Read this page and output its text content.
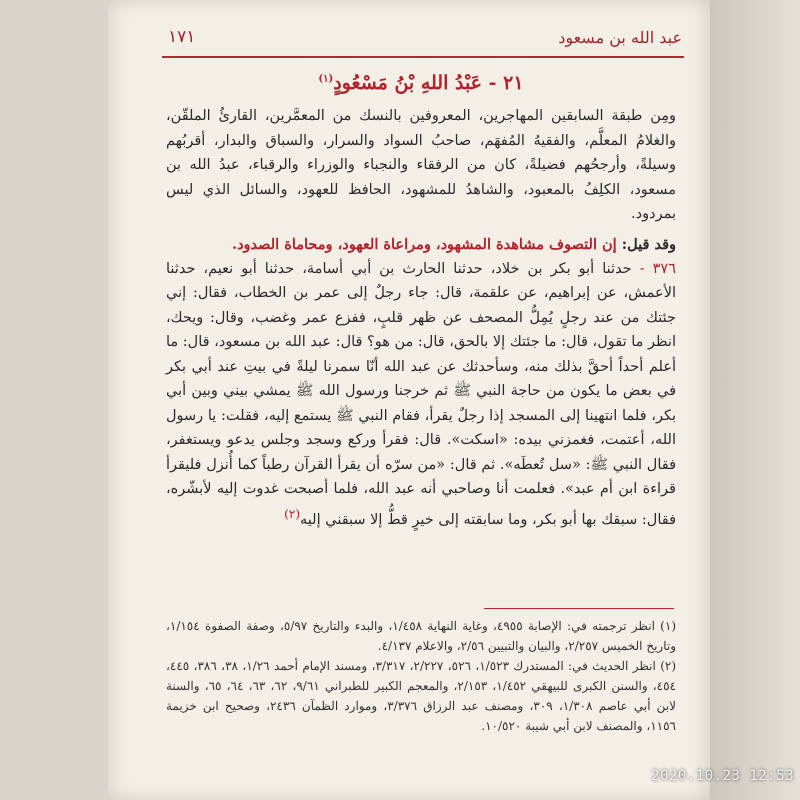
١٧١	عبد الله بن مسعود
٢١ - عَبْدُ اللهِ بْنُ مَسْعُودٍ$^{(١)}$

ومِن طبقة السابقين المهاجرين، المعروفين بالنسك من المعمَّرين، القارئُ الملقّن، والغلامُ المعلَّم، والفقيهُ المُفهَم، صاحبُ السواد والسرار، والسباق والبدار، أقربُهم وسيلةً، وأرجحُهم فضيلةً، كان من الرفقاء والنجباء والوزراء والرقباء، عبدُ الله بن مسعود، الكلِفُ بالمعبود، والشاهدُ للمشهود، الحافظ للعهود، والسائل الذي ليس بمردود.

وقد قيل: إن التصوف مشاهدة المشهود، ومراعاة العهود، ومحاماة الصدود.

٣٧٦ - حدثنا أبو بكر بن خلاد، حدثنا الحارث بن أبي أسامة، حدثنا أبو نعيم، حدثنا الأعمش، عن إبراهيم، عن علقمة، قال: جاء رجلٌ إلى عمر بن الخطاب، فقال: إني جئتك من عند رجلٍ يُمِلُّ المصحف عن ظهر قلبٍ، ففزع عمر وغضب، وقال: ويحك، انظر ما تقول، قال: ما جئتك إلا بالحق، قال: من هو؟ قال: عبد الله بن مسعود، قال: ما أعلم أحداً أحقَّ بذلك منه، وسأحدثك عن عبد الله أنّا سمرنا ليلةً في بيتِ عند أبي بكر في بعض ما يكون من حاجة النبي ﷺ ثم خرجنا ورسول الله ﷺ يمشي بيني وبين أبي بكر، فلما انتهينا إلى المسجد إذا رجلٌ يقرأ، فقام النبي ﷺ يستمع إليه، فقلت: يا رسول الله، أعتمت، فغمزني بيده: «اسكت». قال: فقرأ وركع وسجد وجلس يدعو ويستغفر، فقال النبي ﷺ: «سل تُعطَه». ثم قال: «من سرّه أن يقرأ القرآن رطباً كما أُنزل فليقرأ قراءة ابن أم عبد». فعلمت أنا وصاحبي أنه عبد الله، فلما أصبحت غدوت إليه لأبشّره، فقال: سبقك بها أبو بكر، وما سابقته إلى خيرٍ قطُّ إلا سبقني إليه$^{(٢)}$

(١) انظر ترجمته في: الإصابة ٤٩٥٥، وغاية النهاية ١/٤٥٨، والبدء والتاريخ ٥/٩٧، وصفة الصفوة ١/١٥٤، وتاريخ الخميس ٢/٢٥٧، والبيان والتبيين ٢/٥٦، والاعلام ٤/١٣٧.

(٢) انظر الحديث في: المستدرك ١/٥٢٣، ٥٢٦، ٢/٢٢٧، ٣/٣١٧، ومسند الإمام أحمد ١/٢٦، ٣٨، ٣٨٦، ٤٤٥، ٤٥٤، والسنن الكبرى للبيهقي ١/٤٥٢، ٢/١٥٣، والمعجم الكبير للطبراني ٩/٦١، ٦٢، ٦٣، ٦٤، ٦٥، والسنة لابن أبي عاصم ١/٣٠٨، ٣٠٩، ومصنف عبد الرزاق ٣/٣٧٦، وموارد الظمآن ٢٤٣٦، وصحيح ابن خزيمة ١١٥٦، والمصنف لابن أبي شيبة ١٠/٥٢٠.

2020.10.23 12:53
